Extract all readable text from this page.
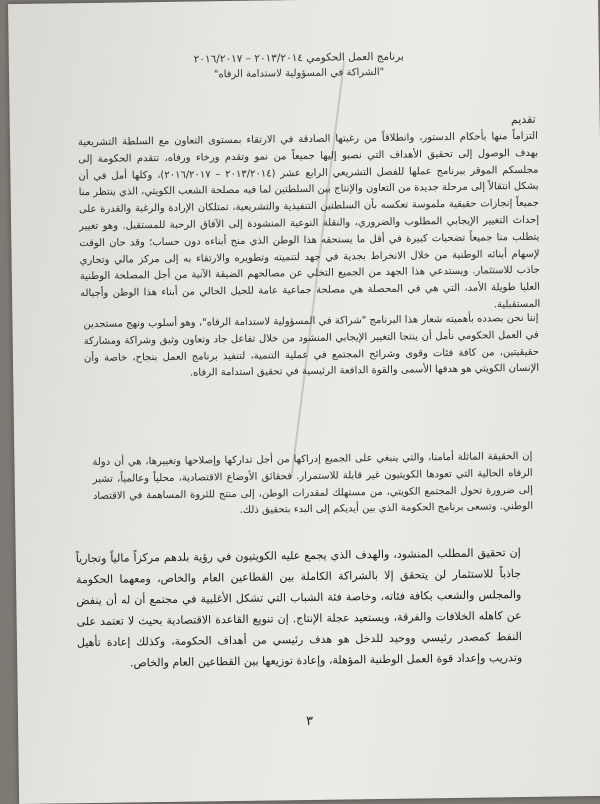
برنامج العمل الحكومي ٢٠١٣/٢٠١٤ – ٢٠١٦/٢٠١٧
"الشراكة في المسؤولية لاستدامة الرفاه"
تقديم
التزاماً منها بأحكام الدستور، وانطلاقاً من رغبتها الصادقة في الارتقاء بمستوى التعاون مع السلطة التشريعية بهدف الوصول إلى تحقيق الأهداف التي نصبو إليها جميعاً من نمو وتقدم ورخاء ورفاه، تتقدم الحكومة إلى مجلسكم الموقر ببرنامج عملها للفصل التشريعي الرابع عشر (٢٠١٣/٢٠١٤ – ٢٠١٦/٢٠١٧)، وكلها أمل في أن يشكل انتقالاً إلى مرحلة جديدة من التعاون والإنتاج بين السلطتين لما فيه مصلحة الشعب الكويتي، الذي ينتظر منا جميعاً إنجازات حقيقية ملموسة تعكسه بأن السلطتين التنفيذية والتشريعية، تمتلكان الإرادة والرغبة والقدرة على إحداث التغيير الإيجابي المطلوب والضروري، والنقلة النوعية المنشودة إلى الآفاق الرحبة للمستقبل. وهو تغيير يتطلب منا جميعاً تضحيات كبيرة في أقل ما يستحقه هذا الوطن الذي منح أبناءه دون حساب؛ وقد حان الوقت لإسهام أبنائه الوطنية من خلال الانخراط بجدية في جهد لتنميته وتطويره والارتقاء به إلى مركز مالي وتجاري جاذب للاستثمار. ويستدعي هذا الجهد من الجميع التخلي عن مصالحهم الضيقة الآنية من أجل المصلحة الوطنية العليا طويلة الأمد، التي هي في المحصلة هي مصلحة جماعية عامة للجيل الحالي من أبناء هذا الوطن وأجياله المستقبلية.
إننا نحن بصدده بأهميته شعار هذا البرنامج "شراكة في المسؤولية لاستدامة الرفاه"، وهو أسلوب ونهج مستجدين في العمل الحكومي نأمل أن ينتجا التغيير الإيجابي المنشود من خلال تفاعل جاد وتعاون وثيق وشراكة ومشاركة حقيقيتين، من كافة فئات وقوى وشرائح المجتمع في عملية التنمية، لتنفيذ برنامج العمل بنجاح، خاصة وأن الإنسان الكويتي هو هدفها الأسمى والقوة الدافعة الرئيسية في تحقيق استدامة الرفاه.
إن الحقيقة الماثلة أمامنا، والتي ينبغي على الجميع إدراكها من أجل تداركها وإصلاحها وتغييرها، هي أن دولة الرفاه الحالية التي تعودها الكويتيون غير قابلة للاستمرار. فحقائق الأوضاع الاقتصادية، محلياً وعالمياً، تشير إلى ضرورة تحول المجتمع الكويتي، من مستهلك لمقدرات الوطن، إلى منتج للثروة المساهمة في الاقتصاد الوطني. وتسعى برنامج الحكومة الذي بين أيديكم إلى البدء بتحقيق ذلك.
إن تحقيق المطلب المنشود، والهدف الذي يجمع عليه الكويتيون في رؤية بلدهم مركزاً مالياً وتجارياً جاذباً للاستثمار لن يتحقق إلا بالشراكة الكاملة بين القطاعين العام والخاص، ومعهما الحكومة والمجلس والشعب بكافة فئاته، وخاصة فئة الشباب التي تشكل الأغلبية في مجتمع أن له أن ينفض عن كاهله الخلافات والفرقة، ويستعيد عجلة الإنتاج. إن تنويع القاعدة الاقتصادية بحيث لا تعتمد على النفط كمصدر رئيسي ووحيد للدخل هو هدف رئيسي من أهداف الحكومة، وكذلك إعادة تأهيل وتدريب وإعداد قوة العمل الوطنية المؤهلة، وإعادة توزيعها بين القطاعين العام والخاص.
٣
